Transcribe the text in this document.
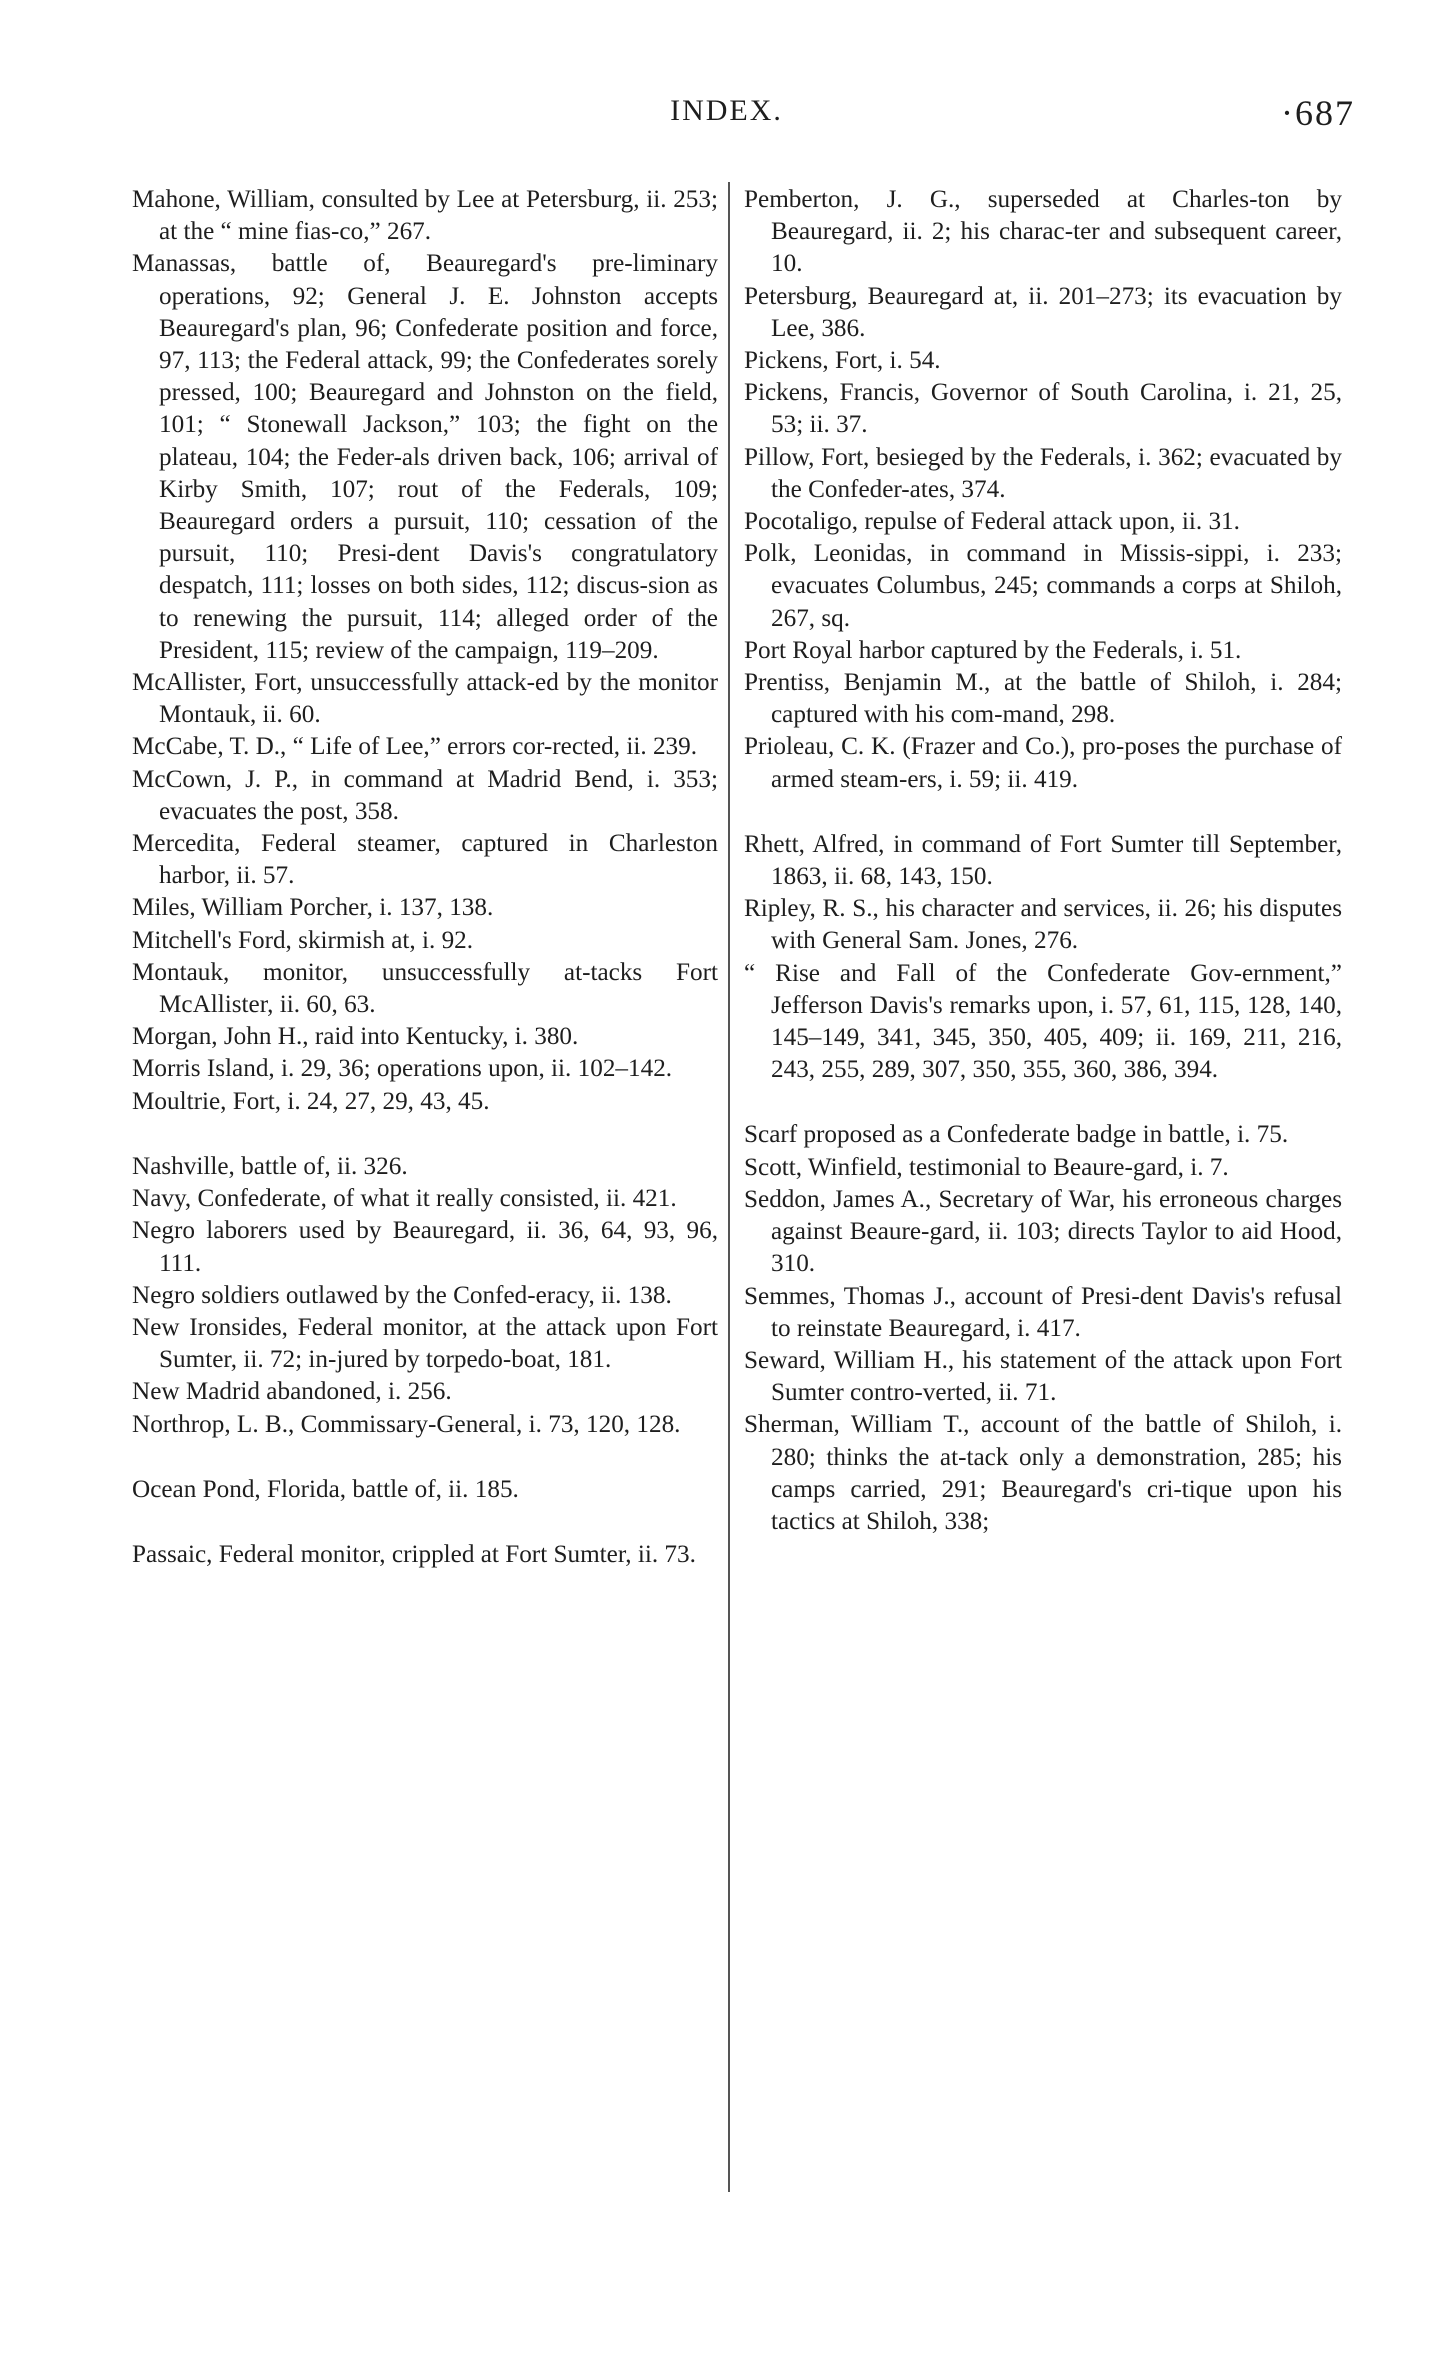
INDEX.	·687

Mahone, William, consulted by Lee at Petersburg, ii. 253; at the “ mine fias-co,” 267.

Manassas, battle of, Beauregard's pre-liminary operations, 92; General J. E. Johnston accepts Beauregard's plan, 96; Confederate position and force, 97, 113; the Federal attack, 99; the Confederates sorely pressed, 100; Beauregard and Johnston on the field, 101; “ Stonewall Jackson,” 103; the fight on the plateau, 104; the Feder-als driven back, 106; arrival of Kirby Smith, 107; rout of the Federals, 109; Beauregard orders a pursuit, 110; cessation of the pursuit, 110; Presi-dent Davis's congratulatory despatch, 111; losses on both sides, 112; discus-sion as to renewing the pursuit, 114; alleged order of the President, 115; review of the campaign, 119–209.

McAllister, Fort, unsuccessfully attack-ed by the monitor Montauk, ii. 60.

McCabe, T. D., “ Life of Lee,” errors cor-rected, ii. 239.

McCown, J. P., in command at Madrid Bend, i. 353; evacuates the post, 358.

Mercedita, Federal steamer, captured in Charleston harbor, ii. 57.

Miles, William Porcher, i. 137, 138.

Mitchell's Ford, skirmish at, i. 92.

Montauk, monitor, unsuccessfully at-tacks Fort McAllister, ii. 60, 63.

Morgan, John H., raid into Kentucky, i. 380.

Morris Island, i. 29, 36; operations upon, ii. 102–142.

Moultrie, Fort, i. 24, 27, 29, 43, 45.

Nashville, battle of, ii. 326.

Navy, Confederate, of what it really consisted, ii. 421.

Negro laborers used by Beauregard, ii. 36, 64, 93, 96, 111.

Negro soldiers outlawed by the Confed-eracy, ii. 138.

New Ironsides, Federal monitor, at the attack upon Fort Sumter, ii. 72; in-jured by torpedo-boat, 181.

New Madrid abandoned, i. 256.

Northrop, L. B., Commissary-General, i. 73, 120, 128.

Ocean Pond, Florida, battle of, ii. 185.

Passaic, Federal monitor, crippled at Fort Sumter, ii. 73.

Pemberton, J. G., superseded at Charles-ton by Beauregard, ii. 2; his charac-ter and subsequent career, 10.

Petersburg, Beauregard at, ii. 201–273; its evacuation by Lee, 386.

Pickens, Fort, i. 54.

Pickens, Francis, Governor of South Carolina, i. 21, 25, 53; ii. 37.

Pillow, Fort, besieged by the Federals, i. 362; evacuated by the Confeder-ates, 374.

Pocotaligo, repulse of Federal attack upon, ii. 31.

Polk, Leonidas, in command in Missis-sippi, i. 233; evacuates Columbus, 245; commands a corps at Shiloh, 267, sq.

Port Royal harbor captured by the Federals, i. 51.

Prentiss, Benjamin M., at the battle of Shiloh, i. 284; captured with his com-mand, 298.

Prioleau, C. K. (Frazer and Co.), pro-poses the purchase of armed steam-ers, i. 59; ii. 419.

Rhett, Alfred, in command of Fort Sumter till September, 1863, ii. 68, 143, 150.

Ripley, R. S., his character and services, ii. 26; his disputes with General Sam. Jones, 276.

“ Rise and Fall of the Confederate Gov-ernment,” Jefferson Davis's remarks upon, i. 57, 61, 115, 128, 140, 145–149, 341, 345, 350, 405, 409; ii. 169, 211, 216, 243, 255, 289, 307, 350, 355, 360, 386, 394.

Scarf proposed as a Confederate badge in battle, i. 75.

Scott, Winfield, testimonial to Beaure-gard, i. 7.

Seddon, James A., Secretary of War, his erroneous charges against Beaure-gard, ii. 103; directs Taylor to aid Hood, 310.

Semmes, Thomas J., account of Presi-dent Davis's refusal to reinstate Beauregard, i. 417.

Seward, William H., his statement of the attack upon Fort Sumter contro-verted, ii. 71.

Sherman, William T., account of the battle of Shiloh, i. 280; thinks the at-tack only a demonstration, 285; his camps carried, 291; Beauregard's cri-tique upon his tactics at Shiloh, 338;
